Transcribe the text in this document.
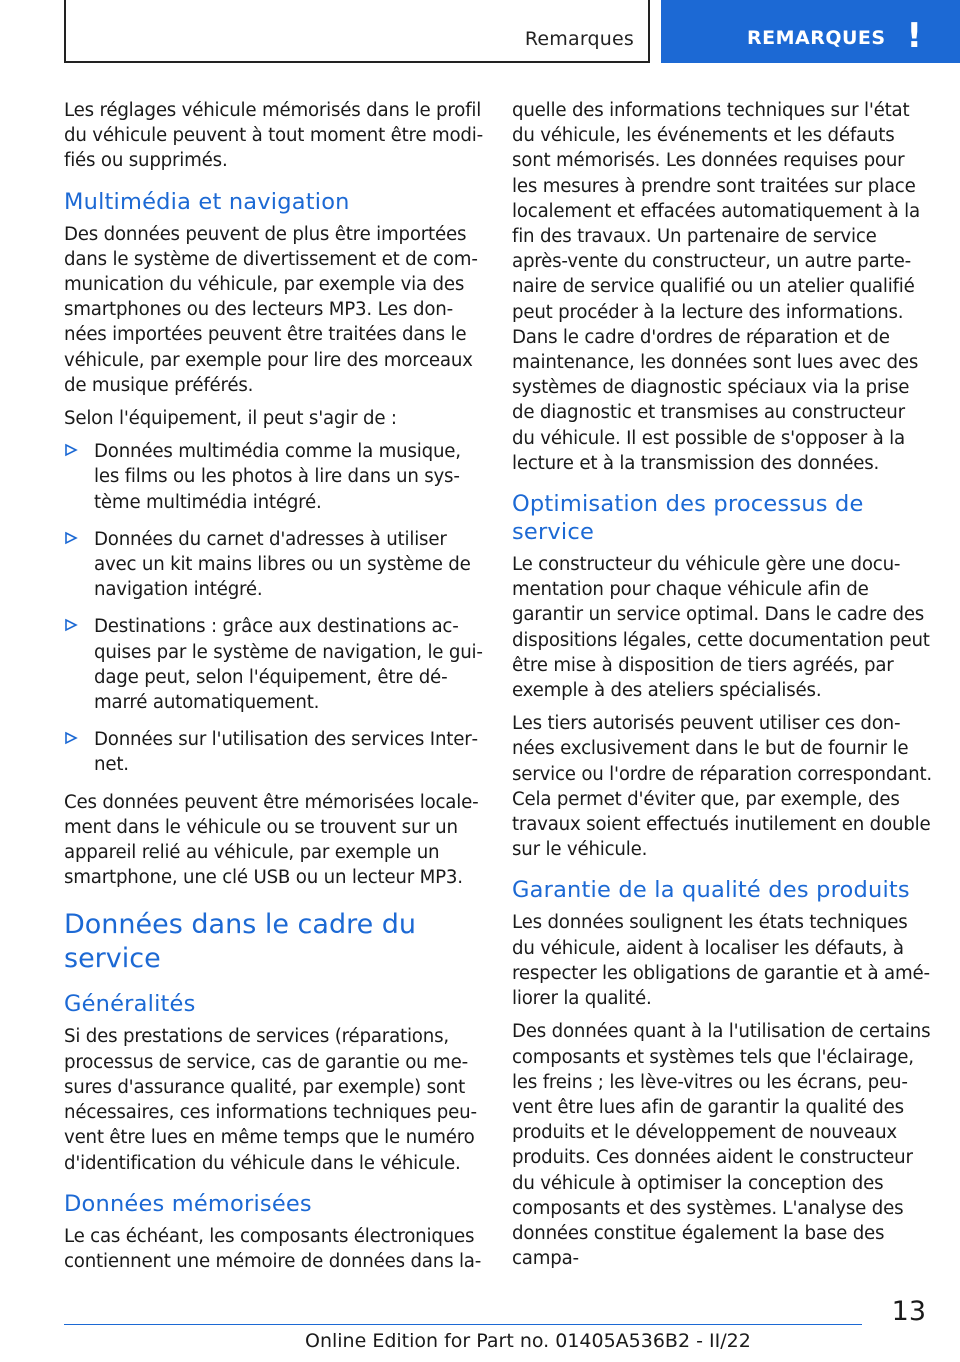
Remarques	REMARQUES !

Les réglages véhicule mémorisés dans le profil du véhicule peuvent à tout moment être modifiés ou supprimés.

Multimédia et navigation

Des données peuvent de plus être importées dans le système de divertissement et de communication du véhicule, par exemple via des smartphones ou des lecteurs MP3. Les données importées peuvent être traitées dans le véhicule, par exemple pour lire des morceaux de musique préférés.

Selon l'équipement, il peut s'agir de :

Données multimédia comme la musique, les films ou les photos à lire dans un système multimédia intégré.

Données du carnet d'adresses à utiliser avec un kit mains libres ou un système de navigation intégré.

Destinations : grâce aux destinations acquises par le système de navigation, le guidage peut, selon l'équipement, être démarré automatiquement.

Données sur l'utilisation des services Internet.

Ces données peuvent être mémorisées localement dans le véhicule ou se trouvent sur un appareil relié au véhicule, par exemple un smartphone, une clé USB ou un lecteur MP3.

Données dans le cadre du service
Généralités

Si des prestations de services (réparations, processus de service, cas de garantie ou mesures d'assurance qualité, par exemple) sont nécessaires, ces informations techniques peuvent être lues en même temps que le numéro d'identification du véhicule dans le véhicule.

Données mémorisées

Le cas échéant, les composants électroniques contiennent une mémoire de données dans la-

quelle des informations techniques sur l'état du véhicule, les événements et les défauts sont mémorisés. Les données requises pour les mesures à prendre sont traitées sur place localement et effacées automatiquement à la fin des travaux. Un partenaire de service après-vente du constructeur, un autre partenaire de service qualifié ou un atelier qualifié peut procéder à la lecture des informations. Dans le cadre d'ordres de réparation et de maintenance, les données sont lues avec des systèmes de diagnostic spéciaux via la prise de diagnostic et transmises au constructeur du véhicule. Il est possible de s'opposer à la lecture et à la transmission des données.

Optimisation des processus de service

Le constructeur du véhicule gère une documentation pour chaque véhicule afin de garantir un service optimal. Dans le cadre des dispositions légales, cette documentation peut être mise à disposition de tiers agréés, par exemple à des ateliers spécialisés.

Les tiers autorisés peuvent utiliser ces données exclusivement dans le but de fournir le service ou l'ordre de réparation correspondant. Cela permet d'éviter que, par exemple, des travaux soient effectués inutilement en double sur le véhicule.

Garantie de la qualité des produits

Les données soulignent les états techniques du véhicule, aident à localiser les défauts, à respecter les obligations de garantie et à améliorer la qualité.

Des données quant à la l'utilisation de certains composants et systèmes tels que l'éclairage, les freins ; les lève-vitres ou les écrans, peuvent être lues afin de garantir la qualité des produits et le développement de nouveaux produits. Ces données aident le constructeur du véhicule à optimiser la conception des composants et des systèmes. L'analyse des données constitue également la base des campa-

13
Online Edition for Part no. 01405A536B2 - II/22
